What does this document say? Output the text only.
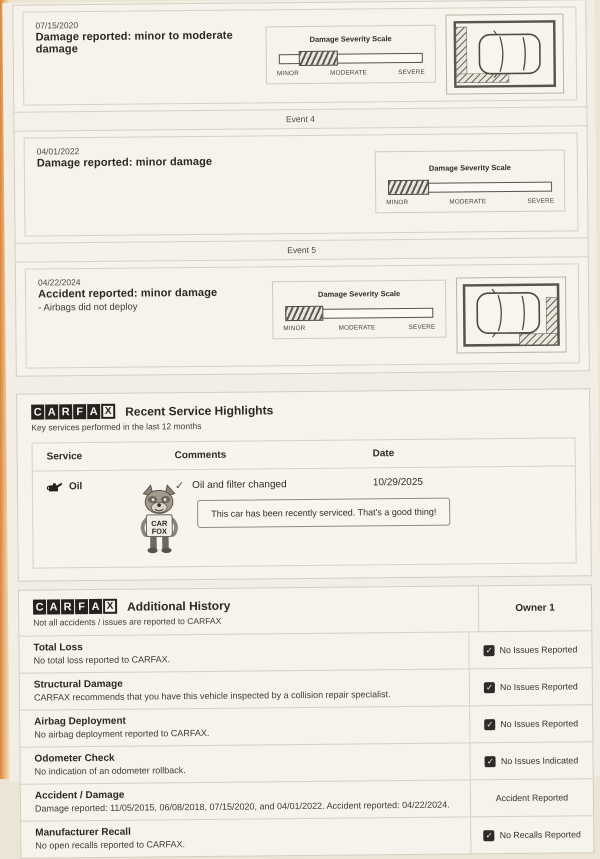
07/15/2020
Damage reported: minor to moderate damage
Damage Severity Scale
MINOR	MODERATE	SEVERE
Event 4
04/01/2022
Damage reported: minor damage	Damage Severity Scale
MINOR	MODERATE	SEVERE
Event 5
04/22/2024
Accident reported: minor damage
- Airbags did not deploy
Damage Severity Scale
MINOR	MODERATE	SEVERE
C A R F A X	Recent Service Highlights
Key services performed in the last 12 months
Service	Comments	Date
Oil	✓ Oil and filter changed	10/29/2025
CAR
FOX
This car has been recently serviced. That's a good thing!
C A R F A X	Additional History
Not all accidents / issues are reported to CARFAX
Owner 1
Total Loss
No total loss reported to CARFAX.
✓ No Issues Reported
Structural Damage
CARFAX recommends that you have this vehicle inspected by a collision repair specialist.
✓ No Issues Reported
Airbag Deployment
No airbag deployment reported to CARFAX.
✓ No Issues Reported
Odometer Check
No indication of an odometer rollback.
✓ No Issues Indicated
Accident / Damage
Damage reported: 11/05/2015, 06/08/2018, 07/15/2020, and 04/01/2022. Accident reported: 04/22/2024.
Accident Reported
Manufacturer Recall
No open recalls reported to CARFAX.
✓ No Recalls Reported
